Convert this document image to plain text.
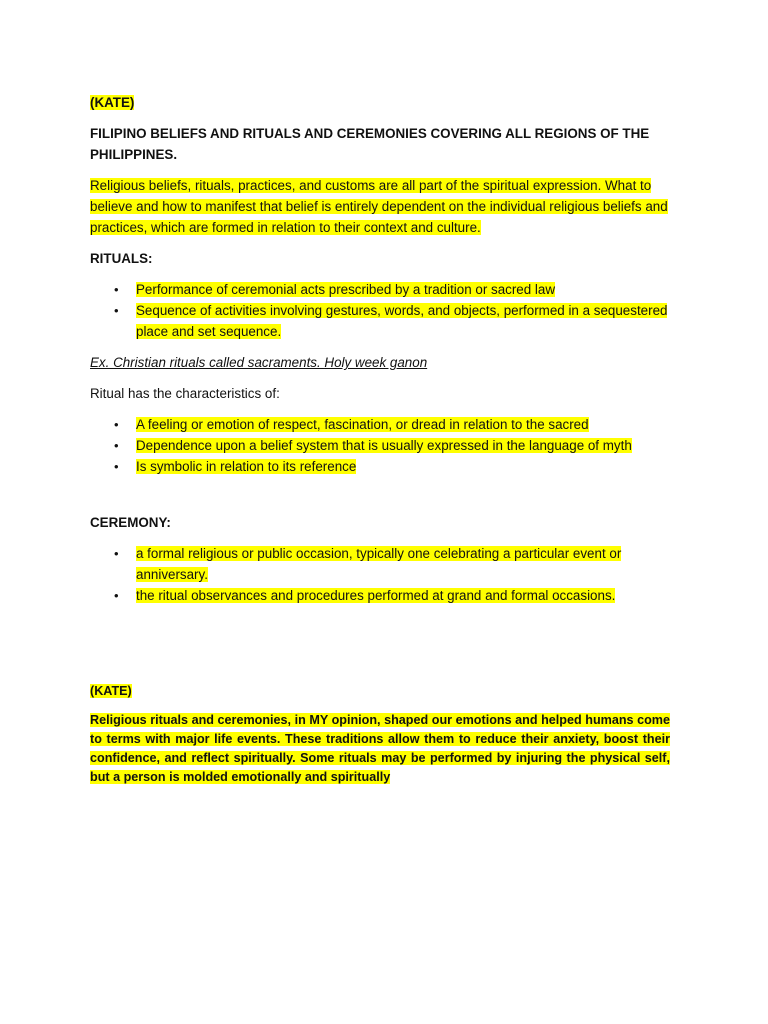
(KATE)

FILIPINO BELIEFS AND RITUALS AND CEREMONIES COVERING ALL REGIONS OF THE PHILIPPINES.

Religious beliefs, rituals, practices, and customs are all part of the spiritual expression. What to believe and how to manifest that belief is entirely dependent on the individual religious beliefs and practices, which are formed in relation to their context and culture.

RITUALS:

• Performance of ceremonial acts prescribed by a tradition or sacred law
• Sequence of activities involving gestures, words, and objects, performed in a sequestered place and set sequence.

Ex. Christian rituals called sacraments. Holy week ganon

Ritual has the characteristics of:

• A feeling or emotion of respect, fascination, or dread in relation to the sacred
• Dependence upon a belief system that is usually expressed in the language of myth
• Is symbolic in relation to its reference

CEREMONY:

• a formal religious or public occasion, typically one celebrating a particular event or anniversary.
• the ritual observances and procedures performed at grand and formal occasions.

(KATE)

Religious rituals and ceremonies, in MY opinion, shaped our emotions and helped humans come to terms with major life events. These traditions allow them to reduce their anxiety, boost their confidence, and reflect spiritually. Some rituals may be performed by injuring the physical self, but a person is molded emotionally and spiritually
